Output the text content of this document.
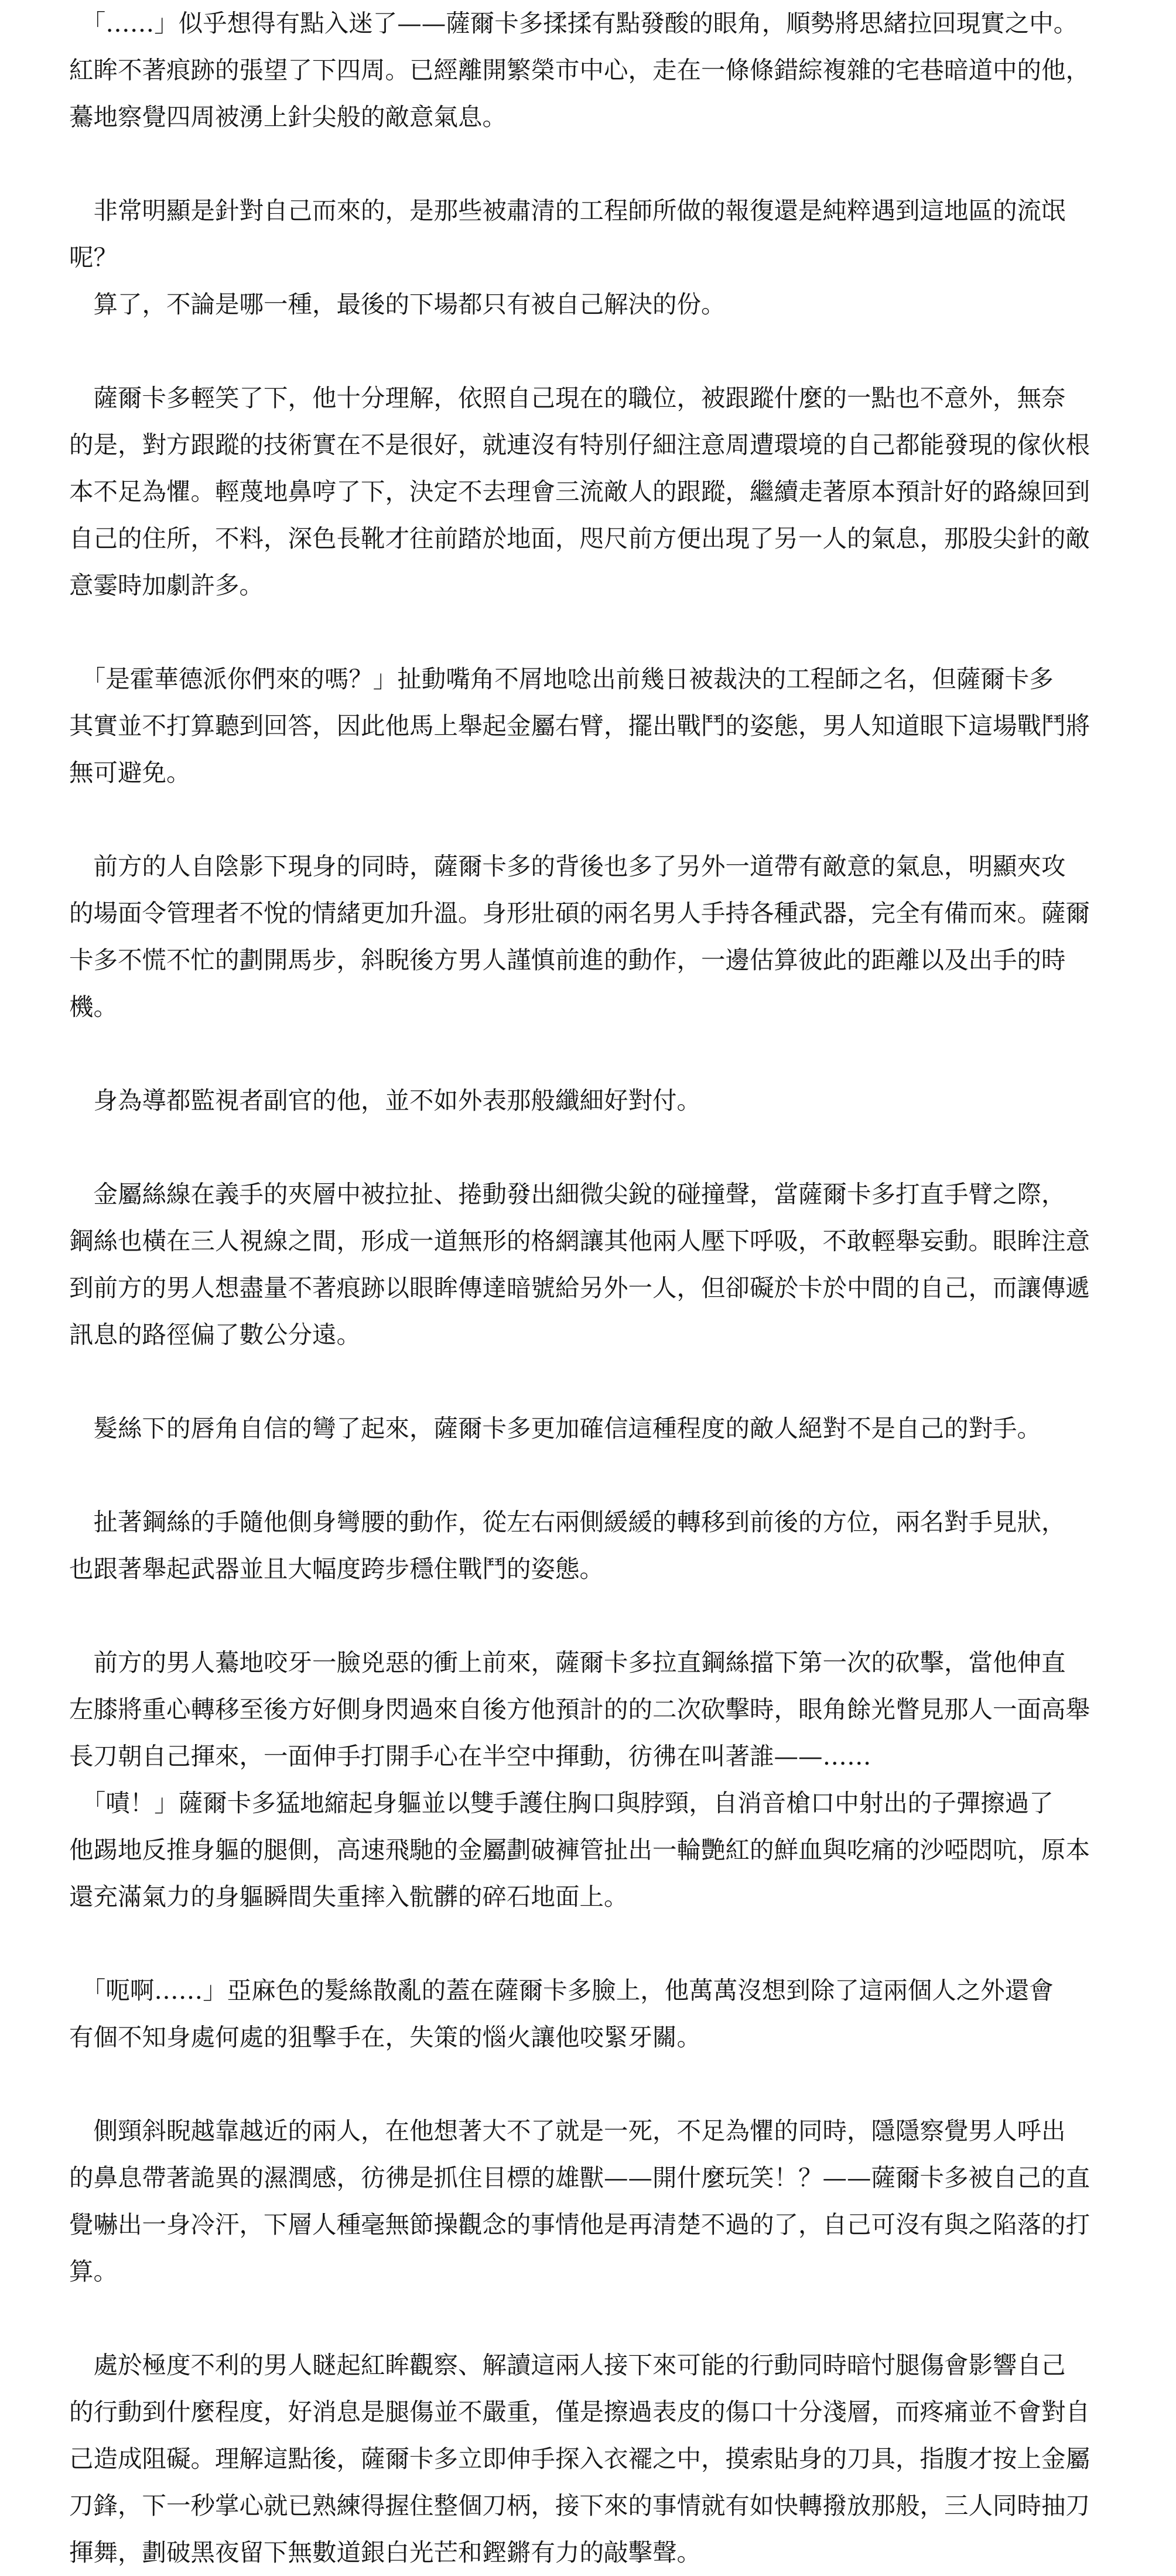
　「……」似乎想得有點入迷了——薩爾卡多揉揉有點發酸的眼角，順勢將思緒拉回現實之中。
紅眸不著痕跡的張望了下四周。已經離開繁榮市中心，走在一條條錯綜複雜的宅巷暗道中的他，
驀地察覺四周被湧上針尖般的敵意氣息。
　非常明顯是針對自己而來的，是那些被肅清的工程師所做的報復還是純粹遇到這地區的流氓
呢？
　算了，不論是哪一種，最後的下場都只有被自己解決的份。
　薩爾卡多輕笑了下，他十分理解，依照自己現在的職位，被跟蹤什麼的一點也不意外，無奈
的是，對方跟蹤的技術實在不是很好，就連沒有特別仔細注意周遭環境的自己都能發現的傢伙根
本不足為懼。輕蔑地鼻哼了下，決定不去理會三流敵人的跟蹤，繼續走著原本預計好的路線回到
自己的住所，不料，深色長靴才往前踏於地面，咫尺前方便出現了另一人的氣息，那股尖針的敵
意霎時加劇許多。
　「是霍華德派你們來的嗎？」扯動嘴角不屑地唸出前幾日被裁決的工程師之名，但薩爾卡多
其實並不打算聽到回答，因此他馬上舉起金屬右臂，擺出戰鬥的姿態，男人知道眼下這場戰鬥將
無可避免。
　前方的人自陰影下現身的同時，薩爾卡多的背後也多了另外一道帶有敵意的氣息，明顯夾攻
的場面令管理者不悅的情緒更加升溫。身形壯碩的兩名男人手持各種武器，完全有備而來。薩爾
卡多不慌不忙的劃開馬步，斜睨後方男人謹慎前進的動作，一邊估算彼此的距離以及出手的時
機。
　身為導都監視者副官的他，並不如外表那般纖細好對付。
　金屬絲線在義手的夾層中被拉扯、捲動發出細微尖銳的碰撞聲，當薩爾卡多打直手臂之際，
鋼絲也橫在三人視線之間，形成一道無形的格網讓其他兩人壓下呼吸，不敢輕舉妄動。眼眸注意
到前方的男人想盡量不著痕跡以眼眸傳達暗號給另外一人，但卻礙於卡於中間的自己，而讓傳遞
訊息的路徑偏了數公分遠。
　髮絲下的唇角自信的彎了起來，薩爾卡多更加確信這種程度的敵人絕對不是自己的對手。
　扯著鋼絲的手隨他側身彎腰的動作，從左右兩側緩緩的轉移到前後的方位，兩名對手見狀，
也跟著舉起武器並且大幅度跨步穩住戰鬥的姿態。
　前方的男人驀地咬牙一臉兇惡的衝上前來，薩爾卡多拉直鋼絲擋下第一次的砍擊，當他伸直
左膝將重心轉移至後方好側身閃過來自後方他預計的的二次砍擊時，眼角餘光瞥見那人一面高舉
長刀朝自己揮來，一面伸手打開手心在半空中揮動，彷彿在叫著誰——……
　「嘖！」薩爾卡多猛地縮起身軀並以雙手護住胸口與脖頸，自消音槍口中射出的子彈擦過了
他踢地反推身軀的腿側，高速飛馳的金屬劃破褲管扯出一輪艷紅的鮮血與吃痛的沙啞悶吭，原本
還充滿氣力的身軀瞬間失重摔入骯髒的碎石地面上。
　「呃啊……」亞麻色的髮絲散亂的蓋在薩爾卡多臉上，他萬萬沒想到除了這兩個人之外還會
有個不知身處何處的狙擊手在，失策的惱火讓他咬緊牙關。
　側頸斜睨越靠越近的兩人，在他想著大不了就是一死，不足為懼的同時，隱隱察覺男人呼出
的鼻息帶著詭異的濕潤感，彷彿是抓住目標的雄獸——開什麼玩笑！？——薩爾卡多被自己的直
覺嚇出一身冷汗，下層人種毫無節操觀念的事情他是再清楚不過的了，自己可沒有與之陷落的打
算。
　處於極度不利的男人瞇起紅眸觀察、解讀這兩人接下來可能的行動同時暗忖腿傷會影響自己
的行動到什麼程度，好消息是腿傷並不嚴重，僅是擦過表皮的傷口十分淺層，而疼痛並不會對自
己造成阻礙。理解這點後，薩爾卡多立即伸手探入衣襬之中，摸索貼身的刀具，指腹才按上金屬
刀鋒，下一秒掌心就已熟練得握住整個刀柄，接下來的事情就有如快轉撥放那般，三人同時抽刀
揮舞，劃破黑夜留下無數道銀白光芒和鏗鏘有力的敲擊聲。
